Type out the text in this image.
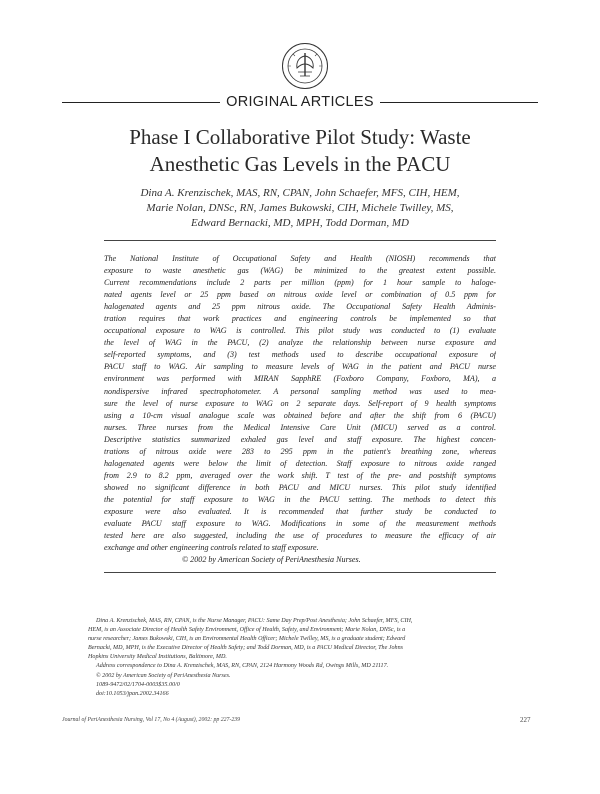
ORIGINAL ARTICLES
Phase I Collaborative Pilot Study: Waste
Anesthetic Gas Levels in the PACU
Dina A. Krenzischek, MAS, RN, CPAN, John Schaefer, MFS, CIH, HEM,
Marie Nolan, DNSc, RN, James Bukowski, CIH, Michele Twilley, MS,
Edward Bernacki, MD, MPH, Todd Dorman, MD
The National Institute of Occupational Safety and Health (NIOSH) recommends that
exposure to waste anesthetic gas (WAG) be minimized to the greatest extent possible.
Current recommendations include 2 parts per million (ppm) for 1 hour sample to haloge-
nated agents level or 25 ppm based on nitrous oxide level or combination of 0.5 ppm for
halogenated agents and 25 ppm nitrous oxide. The Occupational Safety Health Adminis-
tration requires that work practices and engineering controls be implemented so that
occupational exposure to WAG is controlled. This pilot study was conducted to (1) evaluate
the level of WAG in the PACU, (2) analyze the relationship between nurse exposure and
self-reported symptoms, and (3) test methods used to describe occupational exposure of
PACU staff to WAG. Air sampling to measure levels of WAG in the patient and PACU nurse
environment was performed with MIRAN SapphRE (Foxboro Company, Foxboro, MA), a
nondispersive infrared spectrophotometer. A personal sampling method was used to mea-
sure the level of nurse exposure to WAG on 2 separate days. Self-report of 9 health symptoms
using a 10-cm visual analogue scale was obtained before and after the shift from 6 (PACU)
nurses. Three nurses from the Medical Intensive Care Unit (MICU) served as a control.
Descriptive statistics summarized exhaled gas level and staff exposure. The highest concen-
trations of nitrous oxide were 283 to 295 ppm in the patient's breathing zone, whereas
halogenated agents were below the limit of detection. Staff exposure to nitrous oxide ranged
from 2.9 to 8.2 ppm, averaged over the work shift. T test of the pre- and postshift symptoms
showed no significant difference in both PACU and MICU nurses. This pilot study identified
the potential for staff exposure to WAG in the PACU setting. The methods to detect this
exposure were also evaluated. It is recommended that further study be conducted to
evaluate PACU staff exposure to WAG. Modifications in some of the measurement methods
tested here are also suggested, including the use of procedures to measure the efficacy of air
exchange and other engineering controls related to staff exposure.
© 2002 by American Society of PeriAnesthesia Nurses.
Dina A. Krenzischek, MAS, RN, CPAN, is the Nurse Manager, PACU: Same Day Prep/Post Anesthesia; John Schaefer, MFS, CIH,
HEM, is an Associate Director of Health Safety Environment, Office of Health, Safety, and Environment; Marie Nolan, DNSc, is a
nurse researcher; James Bukowski, CIH, is an Environmental Health Officer; Michele Twilley, MS, is a graduate student; Edward
Bernacki, MD, MPH, is the Executive Director of Health Safety; and Todd Dorman, MD, is a PACU Medical Director, The Johns
Hopkins University Medical Institutions, Baltimore, MD.
Address correspondence to Dina A. Krenzischek, MAS, RN, CPAN, 2124 Harmony Woods Rd, Owings Mills, MD 21117.
© 2002 by American Society of PeriAnesthesia Nurses.
1089-9472/02/1704-0003$35.00/0
doi:10.1053/jpan.2002.34166
Journal of PeriAnesthesia Nursing, Vol 17, No 4 (August), 2002: pp 227-239	227
